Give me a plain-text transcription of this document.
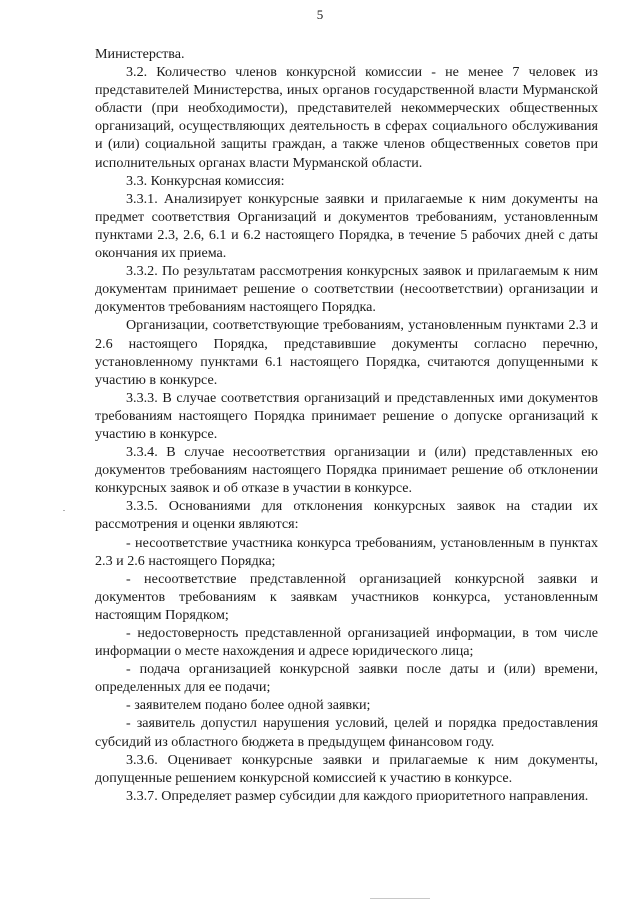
5

Министерства.

3.2. Количество членов конкурсной комиссии - не менее 7 человек из представителей Министерства, иных органов государственной власти Мурманской области (при необходимости), представителей некоммерческих общественных организаций, осуществляющих деятельность в сферах социального обслуживания и (или) социальной защиты граждан, а также членов общественных советов при исполнительных органах власти Мурманской области.

3.3. Конкурсная комиссия:

3.3.1. Анализирует конкурсные заявки и прилагаемые к ним документы на предмет соответствия Организаций и документов требованиям, установленным пунктами 2.3, 2.6, 6.1 и 6.2 настоящего Порядка, в течение 5 рабочих дней с даты окончания их приема.

3.3.2. По результатам рассмотрения конкурсных заявок и прилагаемым к ним документам принимает решение о соответствии (несоответствии) организации и документов требованиям настоящего Порядка.

Организации, соответствующие требованиям, установленным пунктами 2.3 и 2.6 настоящего Порядка, представившие документы согласно перечню, установленному пунктами 6.1 настоящего Порядка, считаются допущенными к участию в конкурсе.

3.3.3. В случае соответствия организаций и представленных ими документов требованиям настоящего Порядка принимает решение о допуске организаций к участию в конкурсе.

3.3.4. В случае несоответствия организации и (или) представленных ею документов требованиям настоящего Порядка принимает решение об отклонении конкурсных заявок и об отказе в участии в конкурсе.

3.3.5. Основаниями для отклонения конкурсных заявок на стадии их рассмотрения и оценки являются:

- несоответствие участника конкурса требованиям, установленным в пунктах 2.3 и 2.6 настоящего Порядка;

- несоответствие представленной организацией конкурсной заявки и документов требованиям к заявкам участников конкурса, установленным настоящим Порядком;

- недостоверность представленной организацией информации, в том числе информации о месте нахождения и адресе юридического лица;

- подача организацией конкурсной заявки после даты и (или) времени, определенных для ее подачи;

- заявителем подано более одной заявки;

- заявитель допустил нарушения условий, целей и порядка предоставления субсидий из областного бюджета в предыдущем финансовом году.

3.3.6. Оценивает конкурсные заявки и прилагаемые к ним документы, допущенные решением конкурсной комиссией к участию в конкурсе.

3.3.7. Определяет размер субсидии для каждого приоритетного направления.
